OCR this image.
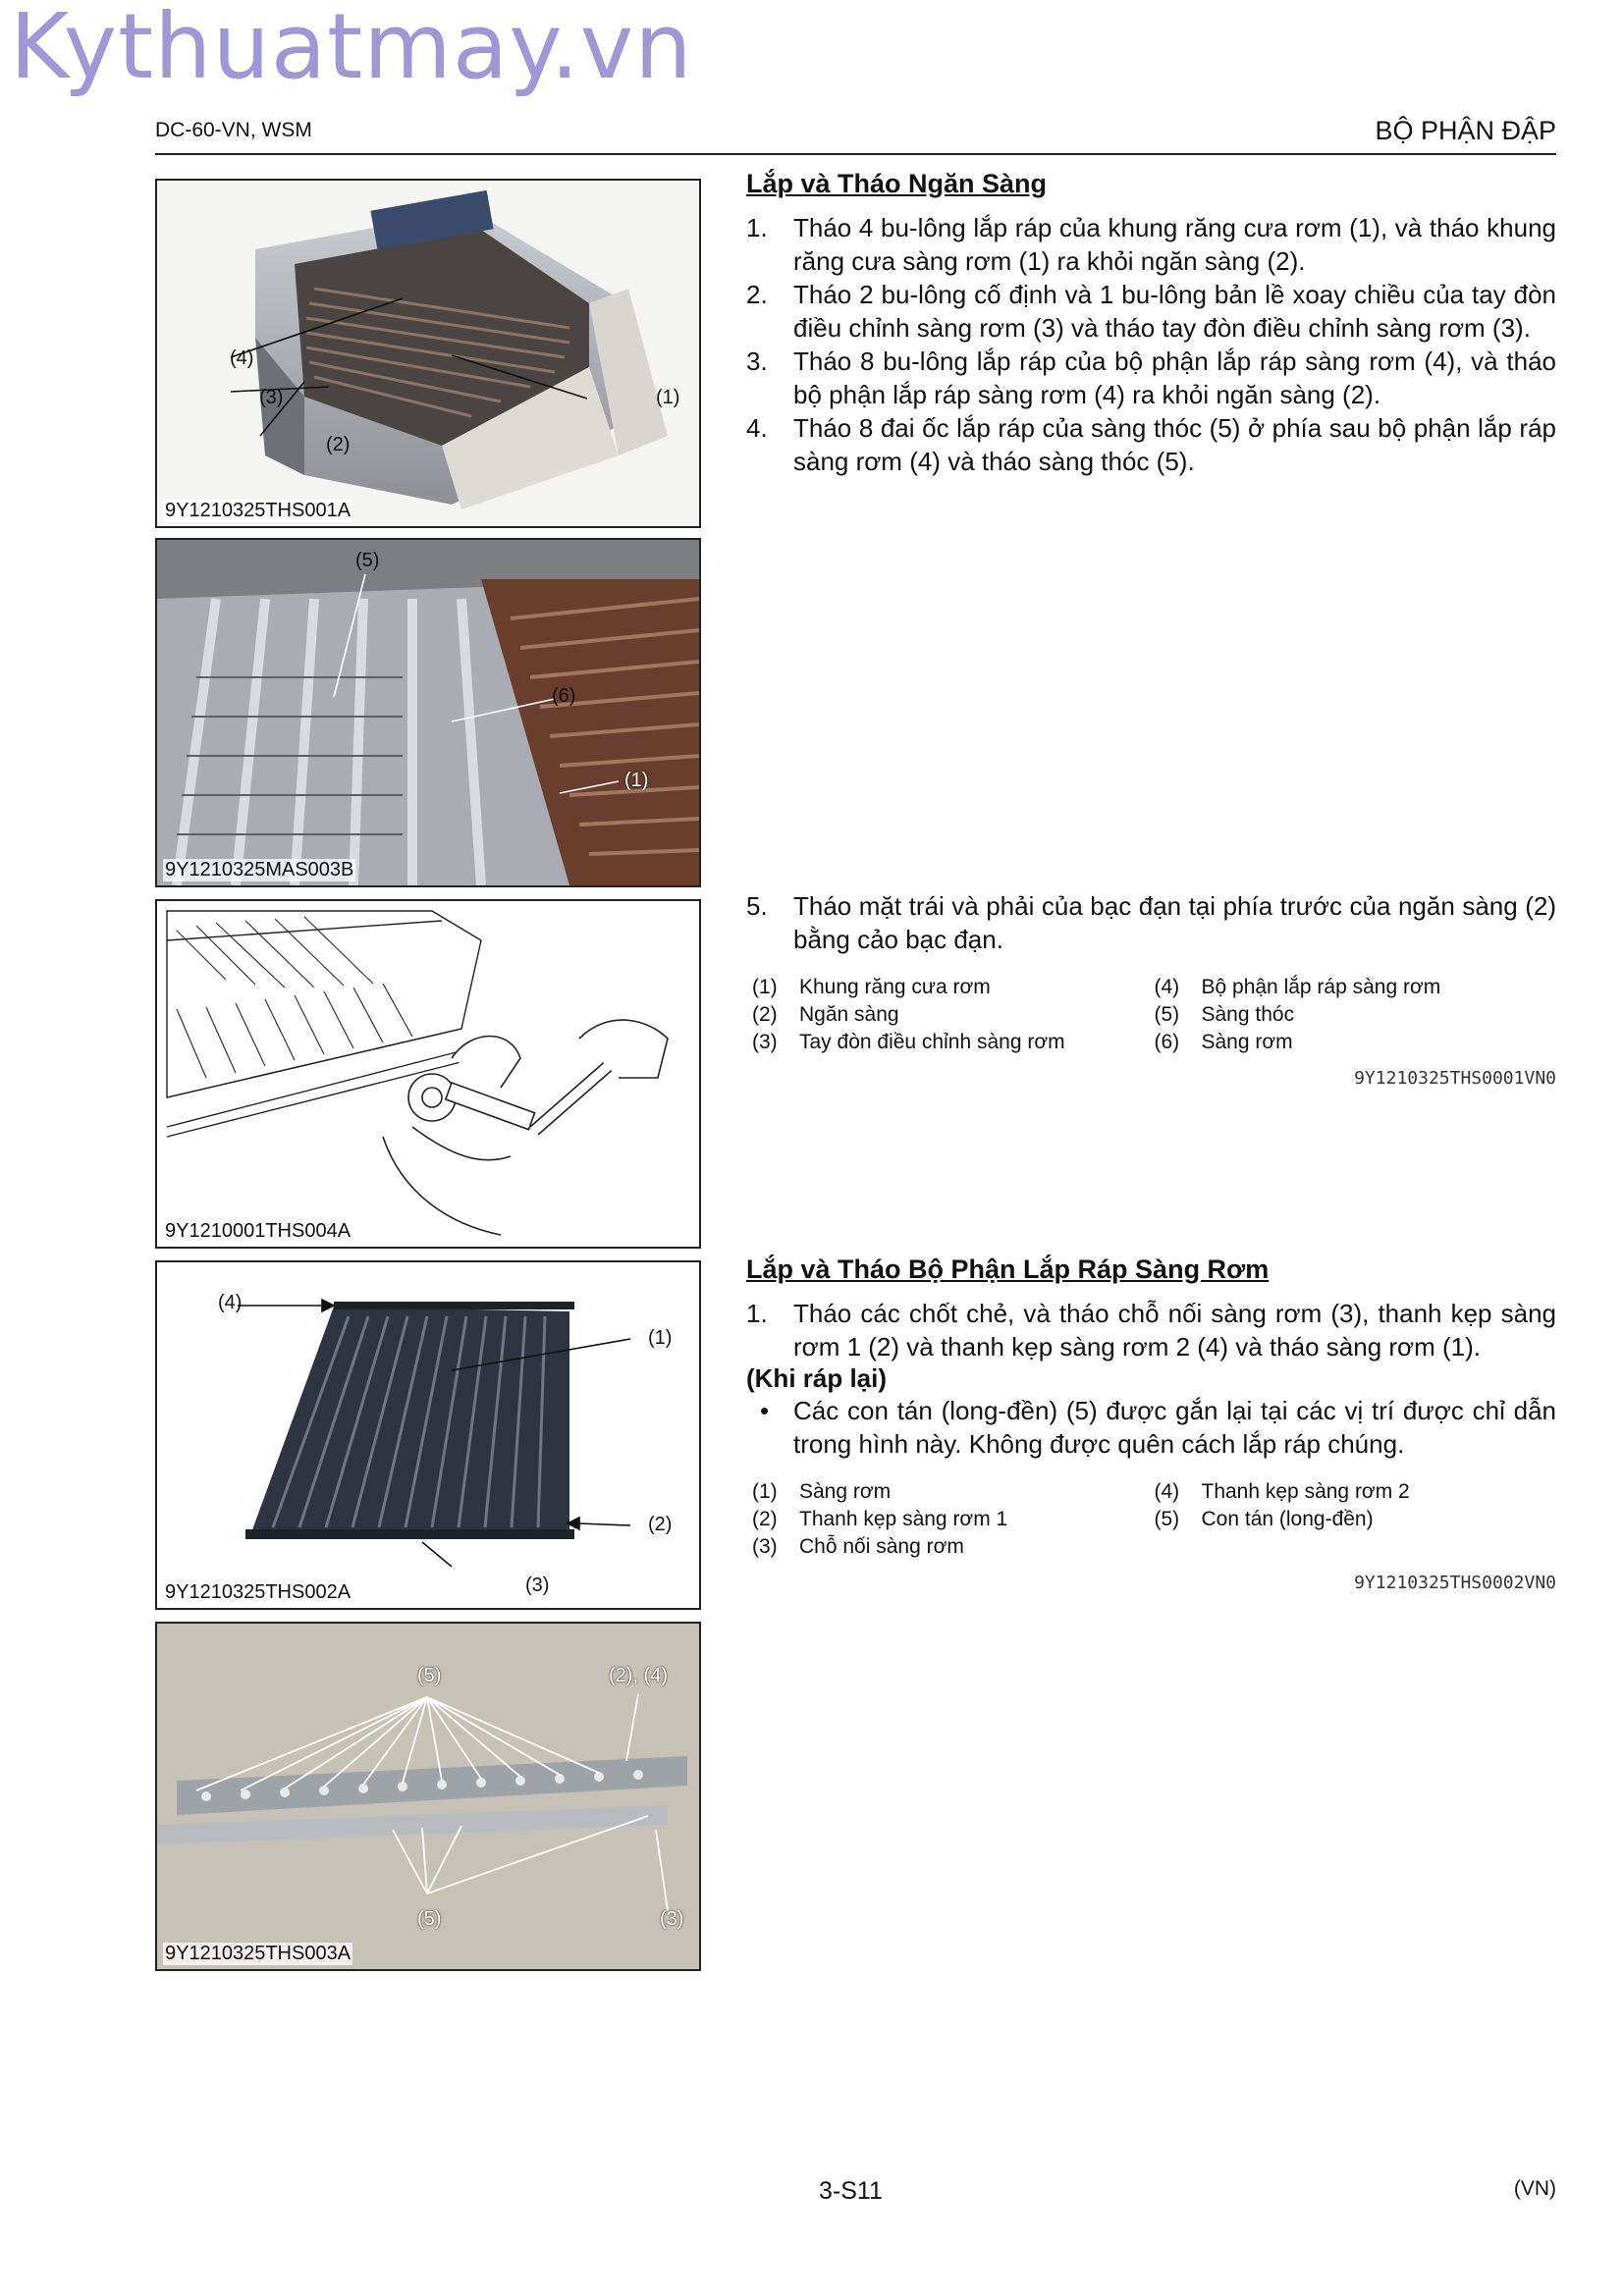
Kythuatmay.vn
DC-60-VN, WSM	BỘ PHẬN ĐẬP
(4)
(3)
(2)
(1)
9Y1210325THS001A
(5)
(6)
(1)
9Y1210325MAS003B
9Y1210001THS004A
(4)
(1)
(2)
(3)
9Y1210325THS002A
(5)	(2), (4)
(5)	(3)
9Y1210325THS003A
Lắp và Tháo Ngăn Sàng
1. Tháo 4 bu-lông lắp ráp của khung răng cưa rơm (1), và tháo khung răng cưa sàng rơm (1) ra khỏi ngăn sàng (2).
2. Tháo 2 bu-lông cố định và 1 bu-lông bản lề xoay chiều của tay đòn điều chỉnh sàng rơm (3) và tháo tay đòn điều chỉnh sàng rơm (3).
3. Tháo 8 bu-lông lắp ráp của bộ phận lắp ráp sàng rơm (4), và tháo bộ phận lắp ráp sàng rơm (4) ra khỏi ngăn sàng (2).
4. Tháo 8 đai ốc lắp ráp của sàng thóc (5) ở phía sau bộ phận lắp ráp sàng rơm (4) và tháo sàng thóc (5).
5. Tháo mặt trái và phải của bạc đạn tại phía trước của ngăn sàng (2) bằng cảo bạc đạn.
(1)	Khung răng cưa rơm
(2)	Ngăn sàng
(3)	Tay đòn điều chỉnh sàng rơm
(4)	Bộ phận lắp ráp sàng rơm
(5)	Sàng thóc
(6)	Sàng rơm
9Y1210325THS0001VN0
Lắp và Tháo Bộ Phận Lắp Ráp Sàng Rơm
1. Tháo các chốt chẻ, và tháo chỗ nối sàng rơm (3), thanh kẹp sàng rơm 1 (2) và thanh kẹp sàng rơm 2 (4) và tháo sàng rơm (1).
(Khi ráp lại)
• Các con tán (long-đền) (5) được gắn lại tại các vị trí được chỉ dẫn trong hình này. Không được quên cách lắp ráp chúng.
(1)	Sàng rơm
(2)	Thanh kẹp sàng rơm 1
(3)	Chỗ nối sàng rơm
(4)	Thanh kẹp sàng rơm 2
(5)	Con tán (long-đền)
9Y1210325THS0002VN0
3-S11	(VN)
